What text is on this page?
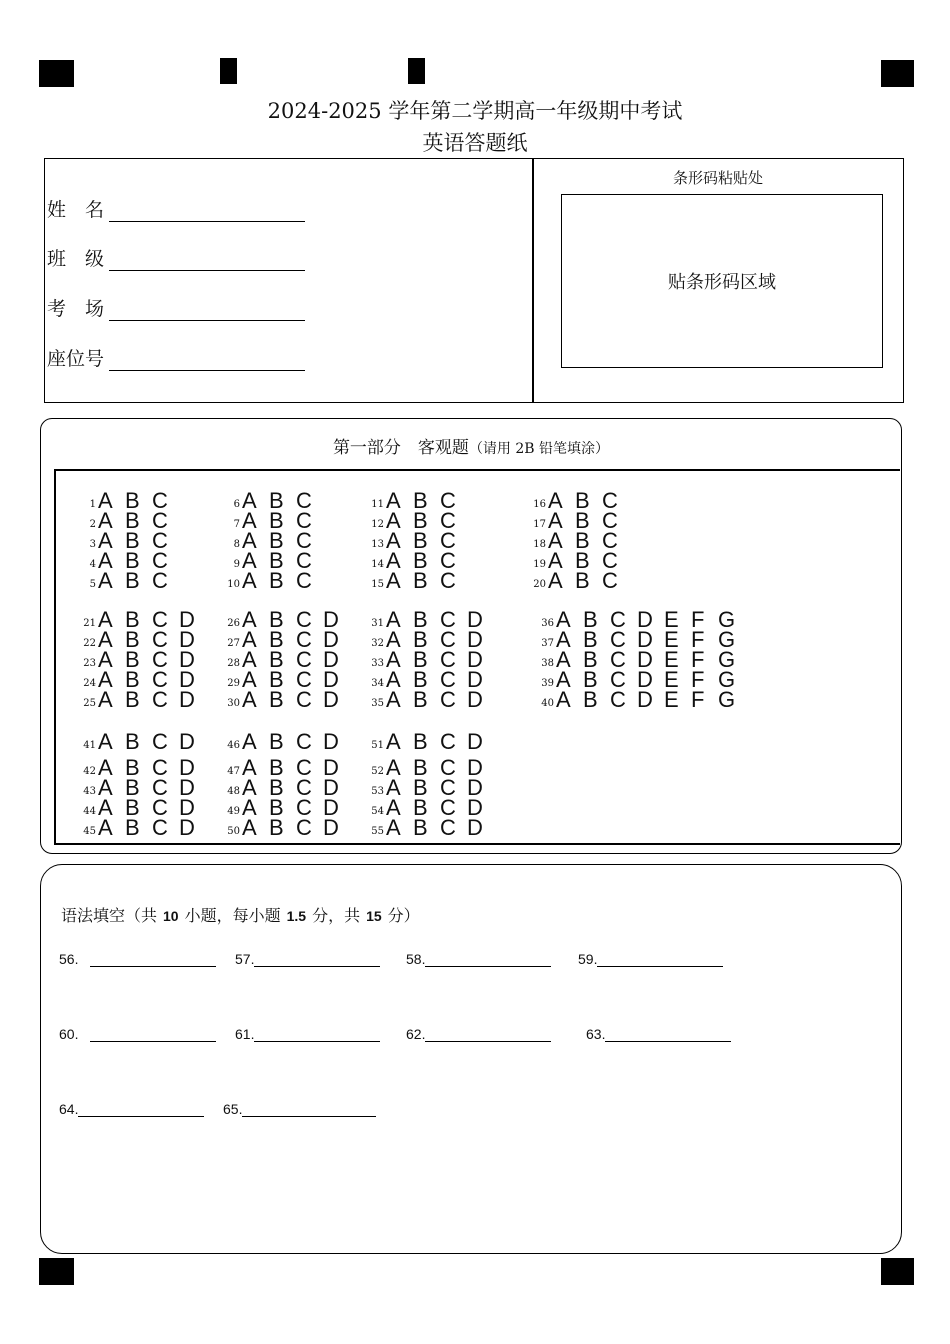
2024-2025 学年第二学期高一年级期中考试
英语答题纸
姓　名
班　级
考　场
座位号
条形码粘贴处
贴条形码区域
第一部分　客观题（请用 2B 铅笔填涂）
1 A B C
2 A B C
3 A B C
4 A B C
5 A B C
6 A B C
7 A B C
8 A B C
9 A B C
10 A B C
11 A B C
12 A B C
13 A B C
14 A B C
15 A B C
16 A B C
17 A B C
18 A B C
19 A B C
20 A B C
21 A B C D
22 A B C D
23 A B C D
24 A B C D
25 A B C D
26 A B C D
27 A B C D
28 A B C D
29 A B C D
30 A B C D
31 A B C D
32 A B C D
33 A B C D
34 A B C D
35 A B C D
36 A B C D E F G
37 A B C D E F G
38 A B C D E F G
39 A B C D E F G
40 A B C D E F G
41 A B C D
42 A B C D
43 A B C D
44 A B C D
45 A B C D
46 A B C D
47 A B C D
48 A B C D
49 A B C D
50 A B C D
51 A B C D
52 A B C D
53 A B C D
54 A B C D
55 A B C D
语法填空（共 10 小题，每小题 1.5 分，共 15 分）
56.	57.	58.	59.
60.	61.	62.	63.
64.	65.
